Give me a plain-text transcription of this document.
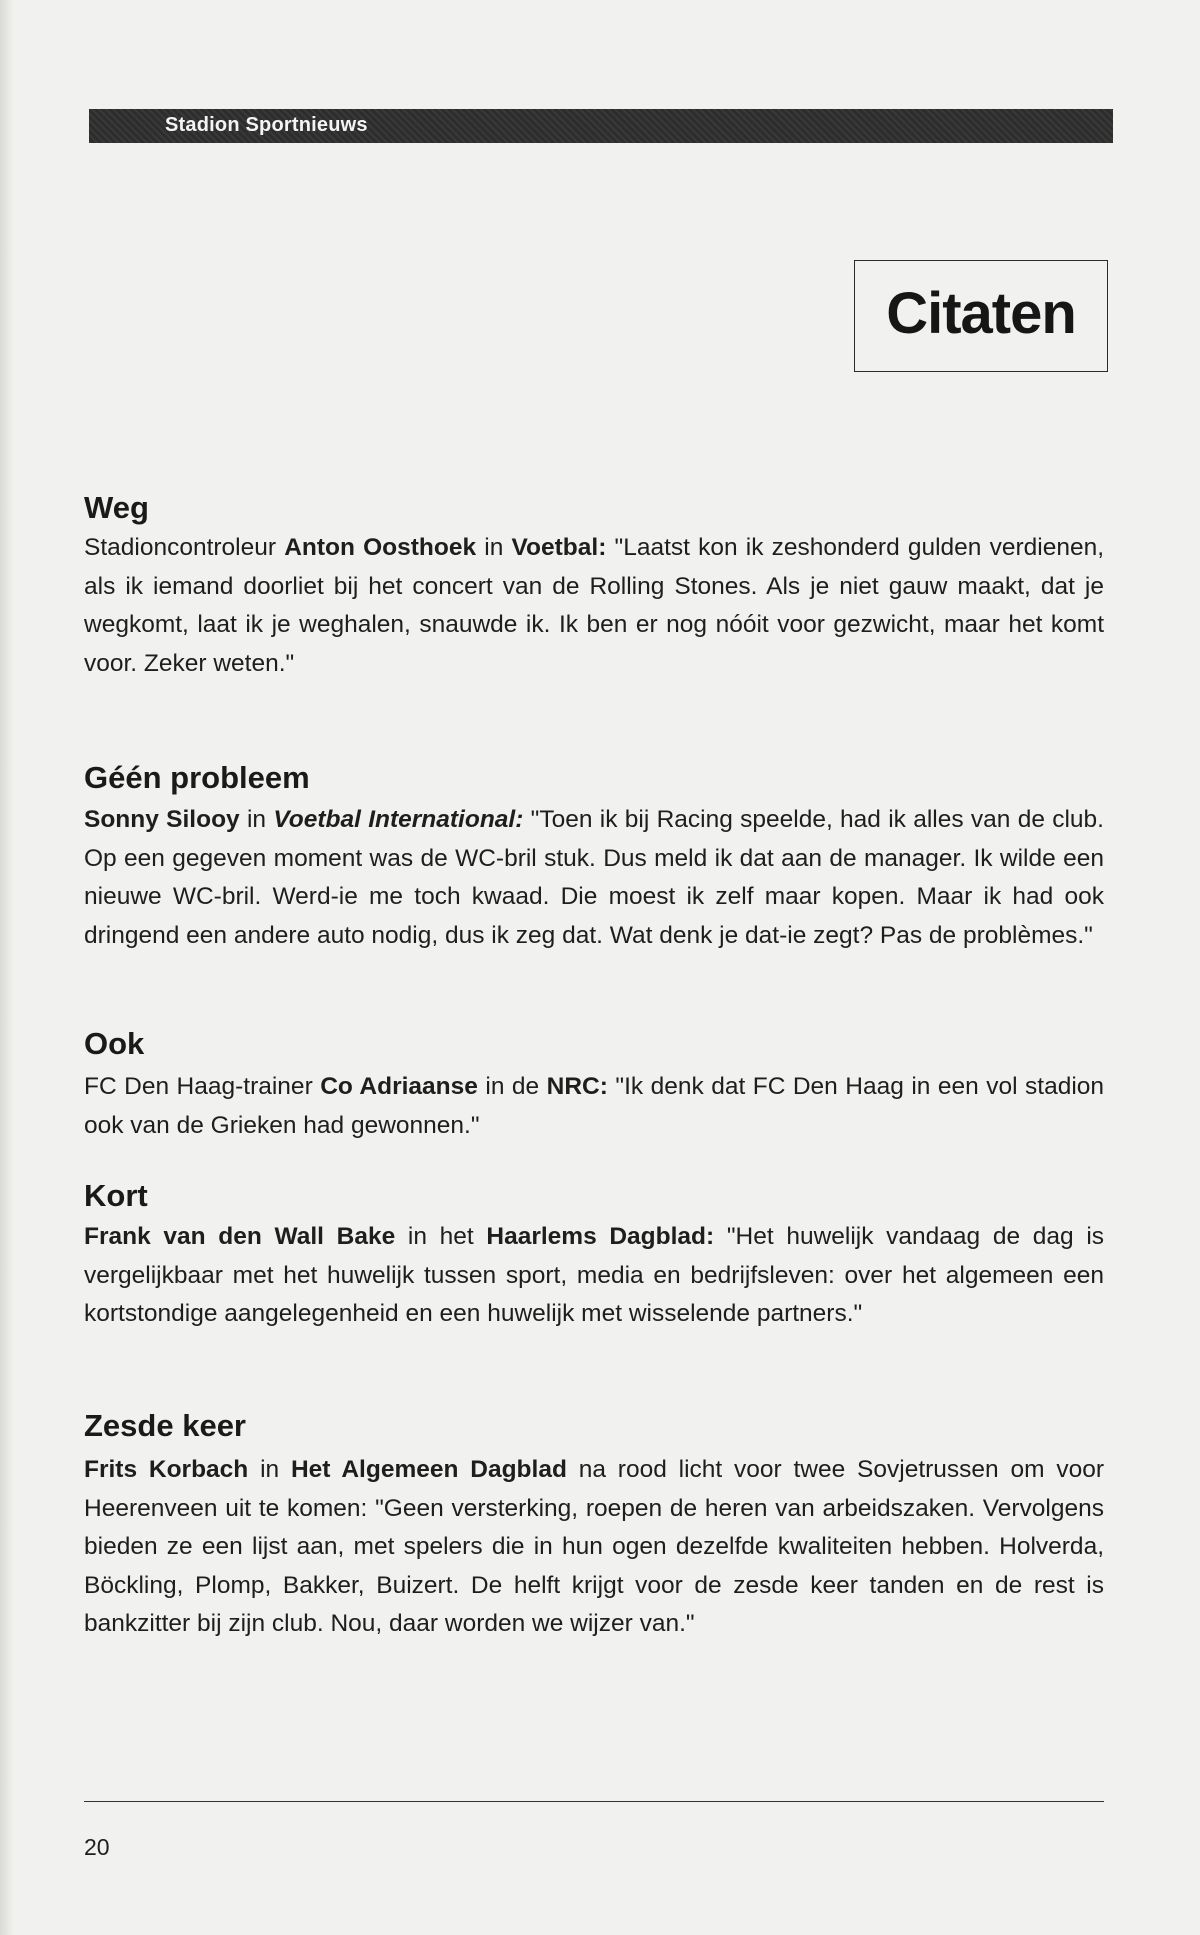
Stadion Sportnieuws
Citaten
Weg
Stadioncontroleur Anton Oosthoek in Voetbal: "Laatst kon ik zeshonderd gulden verdienen, als ik iemand doorliet bij het concert van de Rolling Stones. Als je niet gauw maakt, dat je wegkomt, laat ik je weghalen, snauwde ik. Ik ben er nog nóóit voor gezwicht, maar het komt voor. Zeker weten."
Géén probleem
Sonny Silooy in Voetbal International: "Toen ik bij Racing speelde, had ik alles van de club. Op een gegeven moment was de WC-bril stuk. Dus meld ik dat aan de manager. Ik wilde een nieuwe WC-bril. Werd-ie me toch kwaad. Die moest ik zelf maar kopen. Maar ik had ook dringend een andere auto nodig, dus ik zeg dat. Wat denk je dat-ie zegt? Pas de problèmes."
Ook
FC Den Haag-trainer Co Adriaanse in de NRC: "Ik denk dat FC Den Haag in een vol stadion ook van de Grieken had gewonnen."
Kort
Frank van den Wall Bake in het Haarlems Dagblad: "Het huwelijk vandaag de dag is vergelijkbaar met het huwelijk tussen sport, media en bedrijfsleven: over het algemeen een kortstondige aangelegenheid en een huwelijk met wisselende partners."
Zesde keer
Frits Korbach in Het Algemeen Dagblad na rood licht voor twee Sovjetrussen om voor Heerenveen uit te komen: "Geen versterking, roepen de heren van arbeidszaken. Vervolgens bieden ze een lijst aan, met spelers die in hun ogen dezelfde kwaliteiten hebben. Holverda, Böckling, Plomp, Bakker, Buizert. De helft krijgt voor de zesde keer tanden en de rest is bankzitter bij zijn club. Nou, daar worden we wijzer van."
20
